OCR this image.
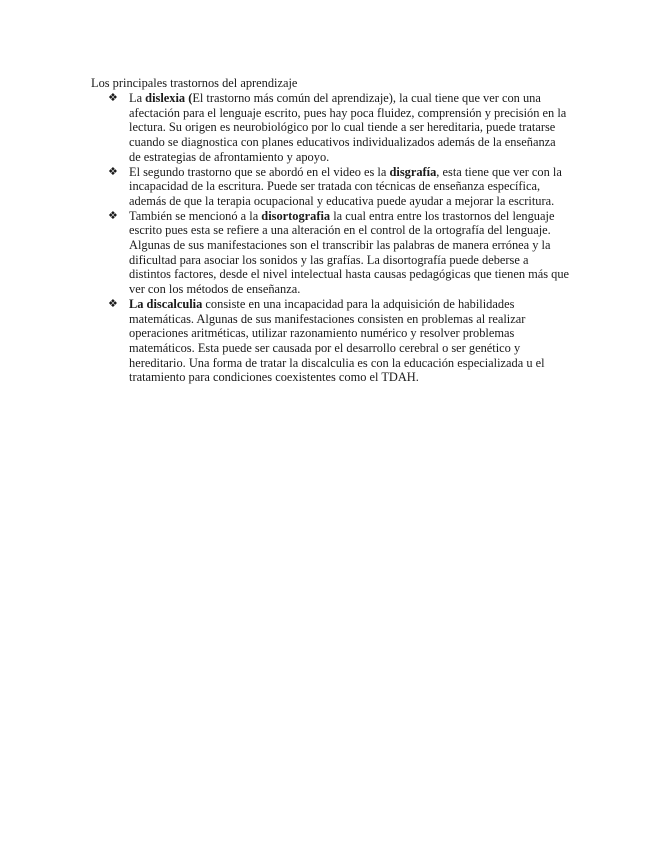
Los principales trastornos del aprendizaje
❖ La dislexia (El trastorno más común del aprendizaje), la cual tiene que ver con una afectación para el lenguaje escrito, pues hay poca fluidez, comprensión y precisión en la lectura. Su origen es neurobiológico por lo cual tiende a ser hereditaria, puede tratarse cuando se diagnostica con planes educativos individualizados además de la enseñanza de estrategias de afrontamiento y apoyo.
❖ El segundo trastorno que se abordó en el video es la disgrafía, esta tiene que ver con la incapacidad de la escritura. Puede ser tratada con técnicas de enseñanza específica, además de que la terapia ocupacional y educativa puede ayudar a mejorar la escritura.
❖ También se mencionó a la disortografia la cual entra entre los trastornos del lenguaje escrito pues esta se refiere a una alteración en el control de la ortografía del lenguaje. Algunas de sus manifestaciones son el transcribir las palabras de manera errónea y la dificultad para asociar los sonidos y las grafías. La disortografía puede deberse a distintos factores, desde el nivel intelectual hasta causas pedagógicas que tienen más que ver con los métodos de enseñanza.
❖ La discalculia consiste en una incapacidad para la adquisición de habilidades matemáticas. Algunas de sus manifestaciones consisten en problemas al realizar operaciones aritméticas, utilizar razonamiento numérico y resolver problemas matemáticos. Esta puede ser causada por el desarrollo cerebral o ser genético y hereditario. Una forma de tratar la discalculia es con la educación especializada u el tratamiento para condiciones coexistentes como el TDAH.
